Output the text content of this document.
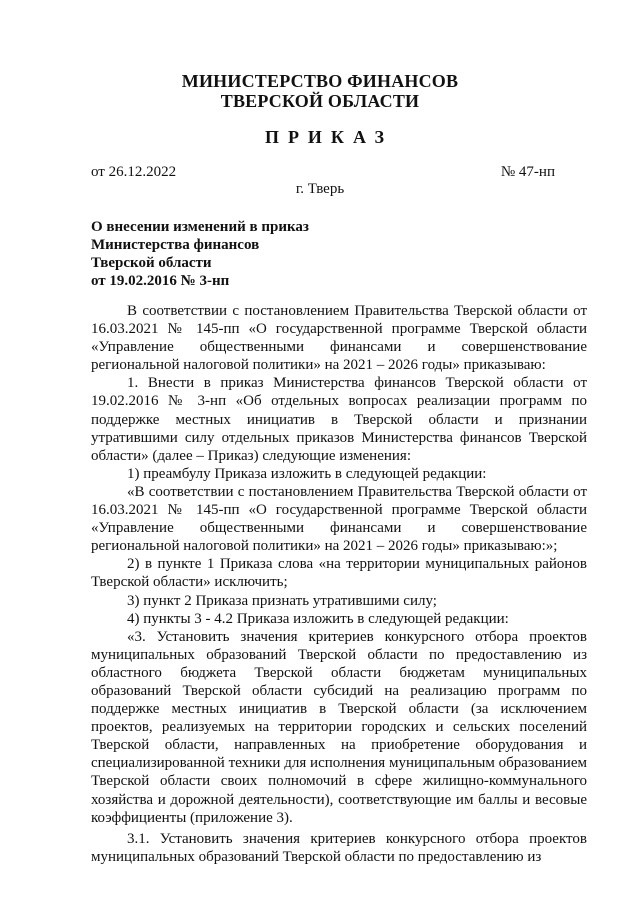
МИНИСТЕРСТВО ФИНАНСОВ
ТВЕРСКОЙ ОБЛАСТИ
ПРИКАЗ
от 26.12.2022	№ 47-нп
г. Тверь
О внесении изменений в приказ
Министерства финансов
Тверской области
от 19.02.2016 № 3-нп

В соответствии с постановлением Правительства Тверской области от 16.03.2021 № 145-пп «О государственной программе Тверской области «Управление общественными финансами и совершенствование региональной налоговой политики» на 2021 – 2026 годы» приказываю:

1. Внести в приказ Министерства финансов Тверской области от 19.02.2016 № 3-нп «Об отдельных вопросах реализации программ по поддержке местных инициатив в Тверской области и признании утратившими силу отдельных приказов Министерства финансов Тверской области» (далее – Приказ) следующие изменения:

1) преамбулу Приказа изложить в следующей редакции:

«В соответствии с постановлением Правительства Тверской области от 16.03.2021 № 145-пп «О государственной программе Тверской области «Управление общественными финансами и совершенствование региональной налоговой политики» на 2021 – 2026 годы» приказываю:»;

2) в пункте 1 Приказа слова «на территории муниципальных районов Тверской области» исключить;

3) пункт 2 Приказа признать утратившими силу;

4) пункты 3 - 4.2 Приказа изложить в следующей редакции:

«3. Установить значения критериев конкурсного отбора проектов муниципальных образований Тверской области по предоставлению из областного бюджета Тверской области бюджетам муниципальных образований Тверской области субсидий на реализацию программ по поддержке местных инициатив в Тверской области (за исключением проектов, реализуемых на территории городских и сельских поселений Тверской области, направленных на приобретение оборудования и специализированной техники для исполнения муниципальным образованием Тверской области своих полномочий в сфере жилищно-коммунального хозяйства и дорожной деятельности), соответствующие им баллы и весовые коэффициенты (приложение 3).

3.1. Установить значения критериев конкурсного отбора проектов муниципальных образований Тверской области по предоставлению из
